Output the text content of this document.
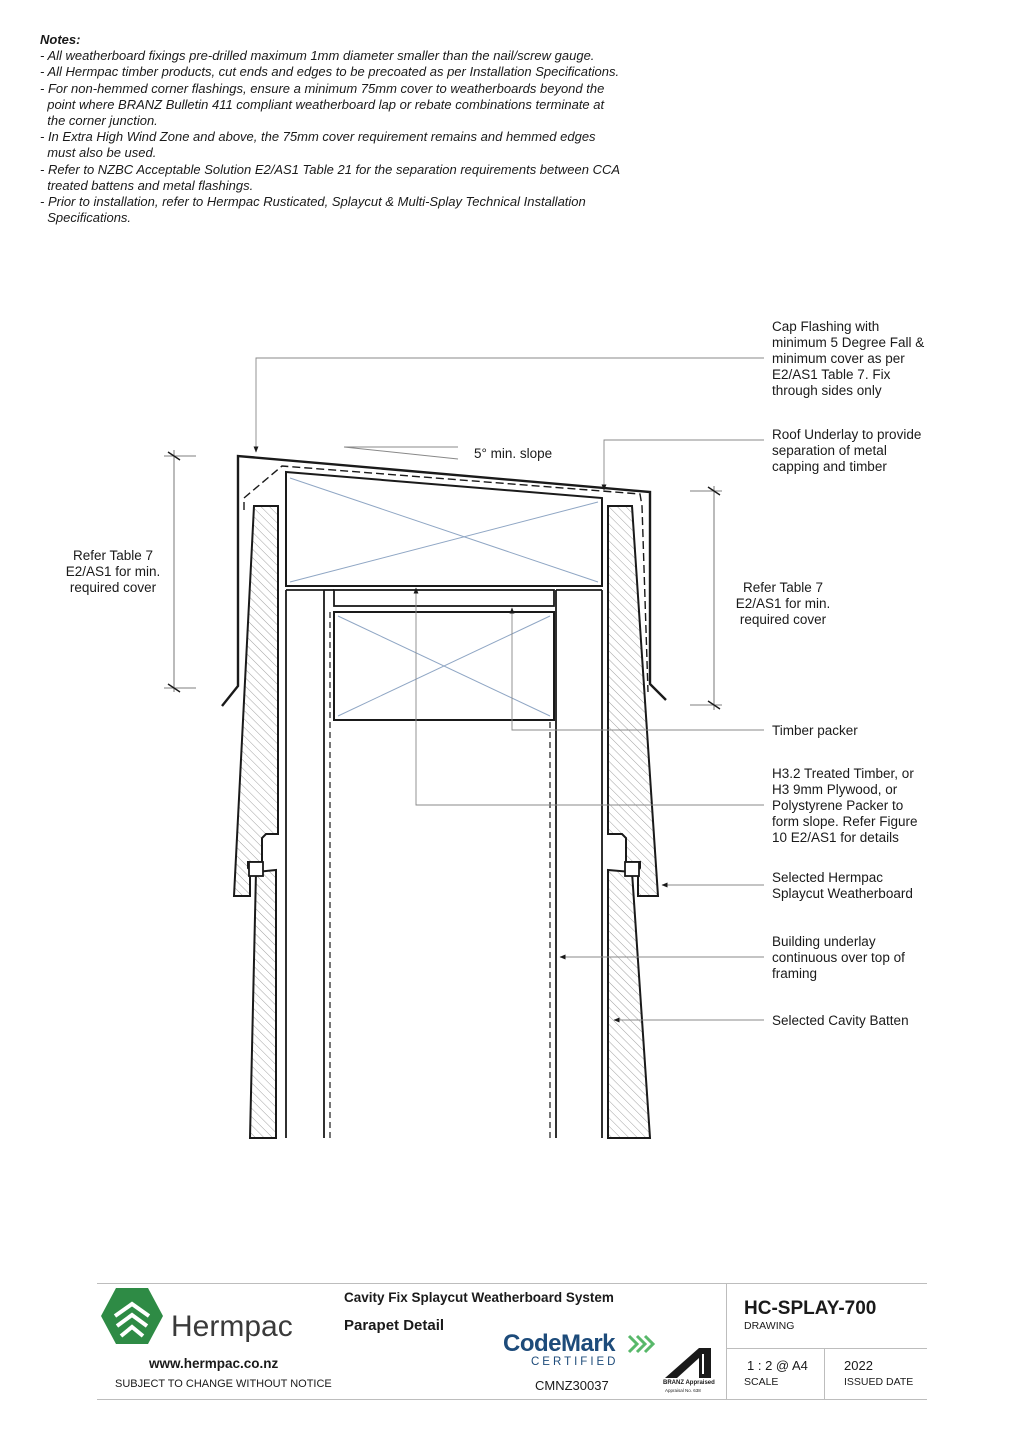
Notes:
- All weatherboard fixings pre-drilled maximum 1mm diameter smaller than the nail/screw gauge.
- All Hermpac timber products, cut ends and edges to be precoated as per Installation Specifications.
- For non-hemmed corner flashings, ensure a minimum 75mm cover to weatherboards beyond the
point where BRANZ Bulletin 411 compliant weatherboard lap or rebate combinations terminate at
the corner junction.
- In Extra High Wind Zone and above, the 75mm cover requirement remains and hemmed edges
must also be used.
- Refer to NZBC Acceptable Solution E2/AS1 Table 21 for the separation requirements between CCA
treated battens and metal flashings.
- Prior to installation, refer to Hermpac Rusticated, Splaycut & Multi-Splay Technical Installation
Specifications.
5° min. slope
Refer Table 7
E2/AS1 for min.
required cover	Refer Table 7
E2/AS1 for min.
required cover
Cap Flashing with
minimum 5 Degree Fall &
minimum cover as per
E2/AS1 Table 7. Fix
through sides only
Roof Underlay to provide
separation of metal
capping and timber
Timber packer
H3.2 Treated Timber, or
H3 9mm Plywood, or
Polystyrene Packer to
form slope. Refer Figure
10 E2/AS1 for details
Selected Hermpac
Splaycut Weatherboard
Building underlay
continuous over top of
framing
Selected Cavity Batten
Hermpac
www.hermpac.co.nz
SUBJECT TO CHANGE WITHOUT NOTICE
Cavity Fix Splaycut Weatherboard System
Parapet Detail
CodeMark
CERTIFIED
CMNZ30037	BRANZ Appraised
Appraisal No. 638
HC-SPLAY-700
DRAWING
1 : 2 @ A4
SCALE
2022
ISSUED DATE
